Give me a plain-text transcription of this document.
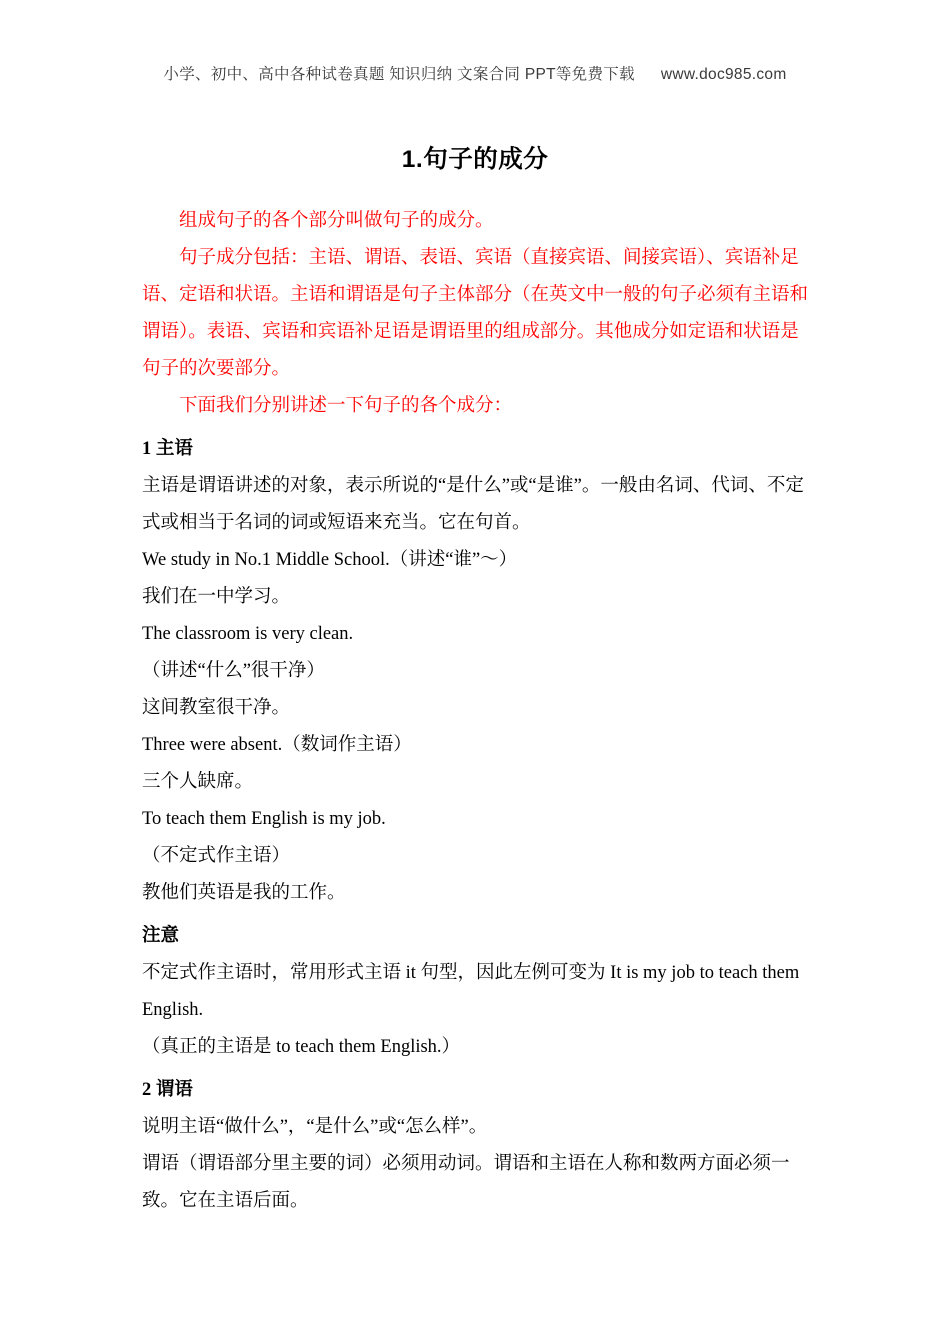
小学、初中、高中各种试卷真题 知识归纳 文案合同 PPT等免费下载 www.doc985.com
1.句子的成分

组成句子的各个部分叫做句子的成分。

句子成分包括：主语、谓语、表语、宾语（直接宾语、间接宾语）、宾语补足语、定语和状语。主语和谓语是句子主体部分（在英文中一般的句子必须有主语和谓语）。表语、宾语和宾语补足语是谓语里的组成部分。其他成分如定语和状语是句子的次要部分。

下面我们分别讲述一下句子的各个成分：

1 主语

主语是谓语讲述的对象，表示所说的“是什么”或“是谁”。一般由名词、代词、不定式或相当于名词的词或短语来充当。它在句首。

We study in No.1 Middle School.（讲述“谁”～）

我们在一中学习。

The classroom is very clean.

（讲述“什么”很干净）

这间教室很干净。

Three were absent.（数词作主语）

三个人缺席。

To teach them English is my job.

（不定式作主语）

教他们英语是我的工作。

注意

不定式作主语时，常用形式主语 it 句型，因此左例可变为 It is my job to teach them English.

（真正的主语是 to teach them English.）

2 谓语

说明主语“做什么”，“是什么”或“怎么样”。

谓语（谓语部分里主要的词）必须用动词。谓语和主语在人称和数两方面必须一致。它在主语后面。
